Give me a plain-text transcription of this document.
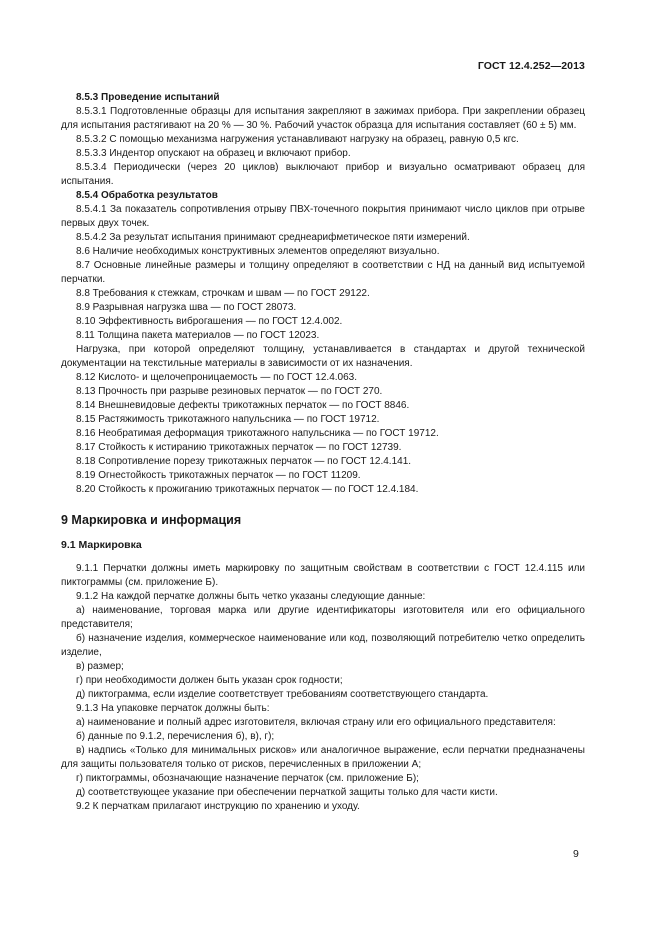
ГОСТ 12.4.252—2013

8.5.3 Проведение испытаний

8.5.3.1 Подготовленные образцы для испытания закрепляют в зажимах прибора. При закреплении образец для испытания растягивают на 20 % — 30 %. Рабочий участок образца для испытания составляет (60 ± 5) мм.

8.5.3.2 С помощью механизма нагружения устанавливают нагрузку на образец, равную 0,5 кгс.

8.5.3.3 Индентор опускают на образец и включают прибор.

8.5.3.4 Периодически (через 20 циклов) выключают прибор и визуально осматривают образец для испытания.

8.5.4 Обработка результатов

8.5.4.1 За показатель сопротивления отрыву ПВХ-точечного покрытия принимают число циклов при отрыве первых двух точек.

8.5.4.2 За результат испытания принимают среднеарифметическое пяти измерений.

8.6 Наличие необходимых конструктивных элементов определяют визуально.

8.7 Основные линейные размеры и толщину определяют в соответствии с НД на данный вид испытуемой перчатки.

8.8 Требования к стежкам, строчкам и швам — по ГОСТ 29122.

8.9 Разрывная нагрузка шва — по ГОСТ 28073.

8.10 Эффективность виброгашения — по ГОСТ 12.4.002.

8.11 Толщина пакета материалов — по ГОСТ 12023.

Нагрузка, при которой определяют толщину, устанавливается в стандартах и другой технической документации на текстильные материалы в зависимости от их назначения.

8.12 Кислото- и щелочепроницаемость — по ГОСТ 12.4.063.

8.13 Прочность при разрыве резиновых перчаток — по ГОСТ 270.

8.14 Внешневидовые дефекты трикотажных перчаток — по ГОСТ 8846.

8.15 Растяжимость трикотажного напульсника — по ГОСТ 19712.

8.16 Необратимая деформация трикотажного напульсника — по ГОСТ 19712.

8.17 Стойкость к истиранию трикотажных перчаток — по ГОСТ 12739.

8.18 Сопротивление порезу трикотажных перчаток — по ГОСТ 12.4.141.

8.19 Огнестойкость трикотажных перчаток — по ГОСТ 11209.

8.20 Стойкость к прожиганию трикотажных перчаток — по ГОСТ 12.4.184.

9 Маркировка и информация

9.1 Маркировка

9.1.1 Перчатки должны иметь маркировку по защитным свойствам в соответствии с ГОСТ 12.4.115 или пиктограммы (см. приложение Б).

9.1.2 На каждой перчатке должны быть четко указаны следующие данные:

а) наименование, торговая марка или другие идентификаторы изготовителя или его официального представителя;

б) назначение изделия, коммерческое наименование или код, позволяющий потребителю четко определить изделие,

в) размер;

г) при необходимости должен быть указан срок годности;

д) пиктограмма, если изделие соответствует требованиям соответствующего стандарта.

9.1.3 На упаковке перчаток должны быть:

а) наименование и полный адрес изготовителя, включая страну или его официального представителя:

б) данные по 9.1.2, перечисления б), в), г);

в) надпись «Только для минимальных рисков» или аналогичное выражение, если перчатки предназначены для защиты пользователя только от рисков, перечисленных в приложении А;

г) пиктограммы, обозначающие назначение перчаток (см. приложение Б);

д) соответствующее указание при обеспечении перчаткой защиты только для части кисти.

9.2 К перчаткам прилагают инструкцию по хранению и уходу.

9
